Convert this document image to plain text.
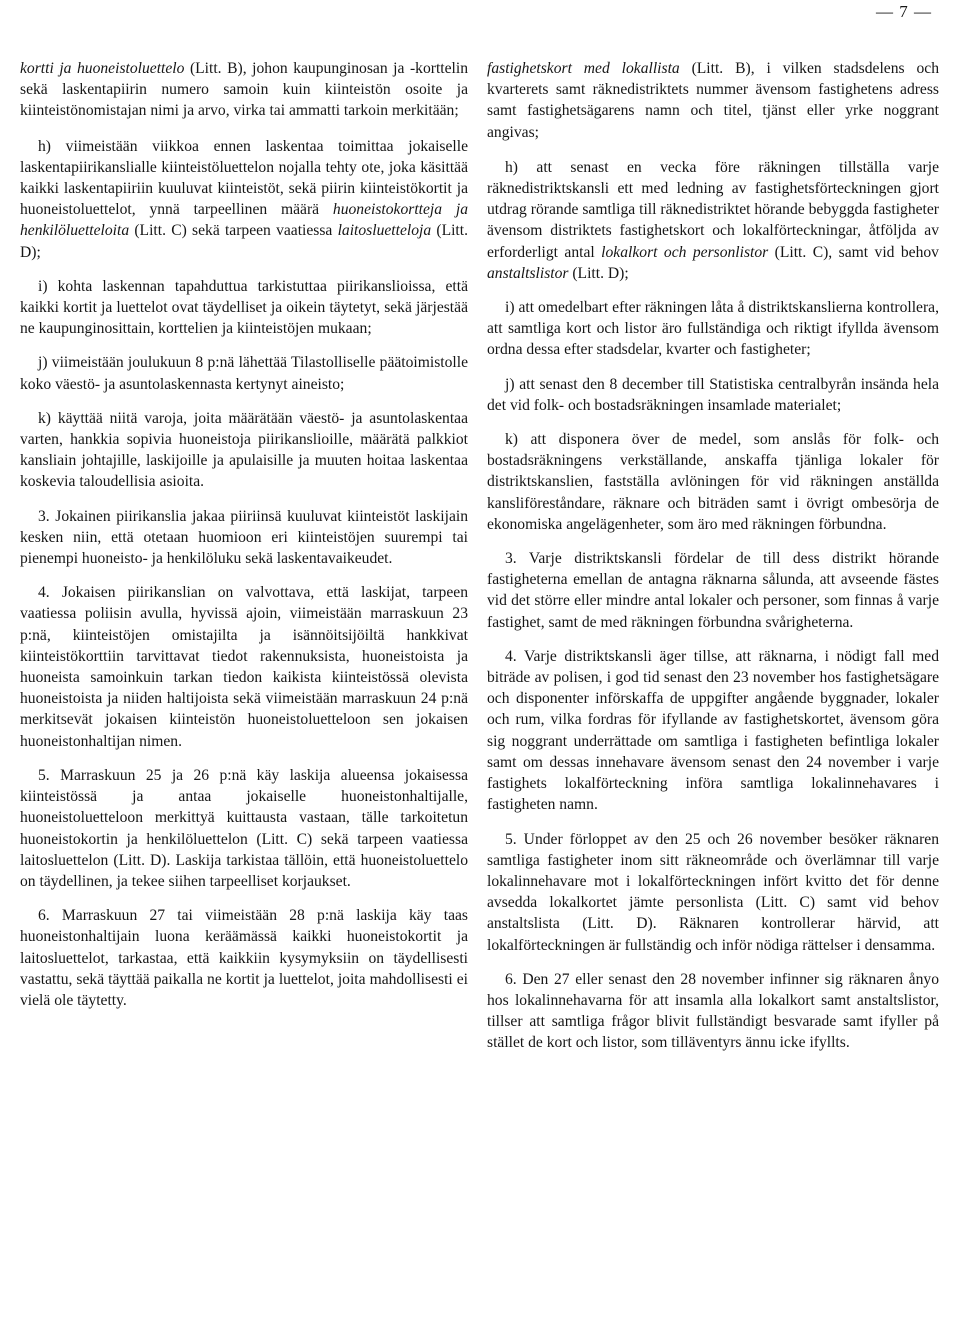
— 7 —

kortti ja huoneistoluettelo (Litt. B), johon kaupunginosan ja -korttelin sekä laskentapiirin numero samoin kuin kiinteistön osoite ja kiinteistönomistajan nimi ja arvo, virka tai ammatti tarkoin merkitään;

h) viimeistään viikkoa ennen laskentaa toimittaa jokaiselle laskentapiirikanslialle kiinteistöluettelon nojalla tehty ote, joka käsittää kaikki laskentapiiriin kuuluvat kiinteistöt, sekä piirin kiinteistökortit ja huoneistoluettelot, ynnä tarpeellinen määrä huoneistokortteja ja henkilöluetteloita (Litt. C) sekä tarpeen vaatiessa laitosluetteloja (Litt. D);

i) kohta laskennan tapahduttua tarkistuttaa piirikanslioissa, että kaikki kortit ja luettelot ovat täydelliset ja oikein täytetyt, sekä järjestää ne kaupunginosittain, korttelien ja kiinteistöjen mukaan;

j) viimeistään joulukuun 8 p:nä lähettää Tilastolliselle päätoimistolle koko väestö- ja asuntolaskennasta kertynyt aineisto;

k) käyttää niitä varoja, joita määrätään väestö- ja asuntolaskentaa varten, hankkia sopivia huoneistoja piirikanslioille, määrätä palkkiot kansliain johtajille, laskijoille ja apulaisille ja muuten hoitaa laskentaa koskevia taloudellisia asioita.

3. Jokainen piirikanslia jakaa piiriinsä kuuluvat kiinteistöt laskijain kesken niin, että otetaan huomioon eri kiinteistöjen suurempi tai pienempi huoneisto- ja henkilöluku sekä laskentavaikeudet.

4. Jokaisen piirikanslian on valvottava, että laskijat, tarpeen vaatiessa poliisin avulla, hyvissä ajoin, viimeistään marraskuun 23 p:nä, kiinteistöjen omistajilta ja isännöitsijöiltä hankkivat kiinteistökorttiin tarvittavat tiedot rakennuksista, huoneistoista ja huoneista samoinkuin tarkan tiedon kaikista kiinteistössä olevista huoneistoista ja niiden haltijoista sekä viimeistään marraskuun 24 p:nä merkitsevät jokaisen kiinteistön huoneistoluetteloon sen jokaisen huoneistonhaltijan nimen.

5. Marraskuun 25 ja 26 p:nä käy laskija alueensa jokaisessa kiinteistössä ja antaa jokaiselle huoneistonhaltijalle, huoneistoluetteloon merkittyä kuittausta vastaan, tälle tarkoitetun huoneistokortin ja henkilöluettelon (Litt. C) sekä tarpeen vaatiessa laitosluettelon (Litt. D). Laskija tarkistaa tällöin, että huoneistoluettelo on täydellinen, ja tekee siihen tarpeelliset korjaukset.

6. Marraskuun 27 tai viimeistään 28 p:nä laskija käy taas huoneistonhaltijain luona keräämässä kaikki huoneistokortit ja laitosluettelot, tarkastaa, että kaikkiin kysymyksiin on täydellisesti vastattu, sekä täyttää paikalla ne kortit ja luettelot, joita mahdollisesti ei vielä ole täytetty.

fastighetskort med lokallista (Litt. B), i vilken stadsdelens och kvarterets samt räknedistriktets nummer ävensom fastighetens adress samt fastighetsägarens namn och titel, tjänst eller yrke noggrant angivas;

h) att senast en vecka före räkningen tillställa varje räknedistriktskansli ett med ledning av fastighetsförteckningen gjort utdrag rörande samtliga till räknedistriktet hörande bebyggda fastigheter ävensom distriktets fastighetskort och lokalförteckningar, åtföljda av erforderligt antal lokalkort och personlistor (Litt. C), samt vid behov anstaltslistor (Litt. D);

i) att omedelbart efter räkningen låta å distriktskanslierna kontrollera, att samtliga kort och listor äro fullständiga och riktigt ifyllda ävensom ordna dessa efter stadsdelar, kvarter och fastigheter;

j) att senast den 8 december till Statistiska centralbyrån insända hela det vid folk- och bostadsräkningen insamlade materialet;

k) att disponera över de medel, som anslås för folk- och bostadsräkningens verkställande, anskaffa tjänliga lokaler för distriktskanslien, fastställa avlöningen för vid räkningen anställda kansliföreståndare, räknare och biträden samt i övrigt ombesörja de ekonomiska angelägenheter, som äro med räkningen förbundna.

3. Varje distriktskansli fördelar de till dess distrikt hörande fastigheterna emellan de antagna räknarna sålunda, att avseende fästes vid det större eller mindre antal lokaler och personer, som finnas å varje fastighet, samt de med räkningen förbundna svårigheterna.

4. Varje distriktskansli äger tillse, att räknarna, i nödigt fall med biträde av polisen, i god tid senast den 23 november hos fastighetsägare och disponenter införskaffa de uppgifter angående byggnader, lokaler och rum, vilka fordras för ifyllande av fastighetskortet, ävensom göra sig noggrant underrättade om samtliga i fastigheten befintliga lokaler samt om dessas innehavare ävensom senast den 24 november i varje fastighets lokalförteckning införa samtliga lokalinnehavares i fastigheten namn.

5. Under förloppet av den 25 och 26 november besöker räknaren samtliga fastigheter inom sitt räkneområde och överlämnar till varje lokalinnehavare mot i lokalförteckningen infört kvitto det för denne avsedda lokalkortet jämte personlista (Litt. C) samt vid behov anstaltslista (Litt. D). Räknaren kontrollerar härvid, att lokalförteckningen är fullständig och inför nödiga rättelser i densamma.

6. Den 27 eller senast den 28 november infinner sig räknaren ånyo hos lokalinnehavarna för att insamla alla lokalkort samt anstaltslistor, tillser att samtliga frågor blivit fullständigt besvarade samt ifyller på stället de kort och listor, som tilläventyrs ännu icke ifyllts.
